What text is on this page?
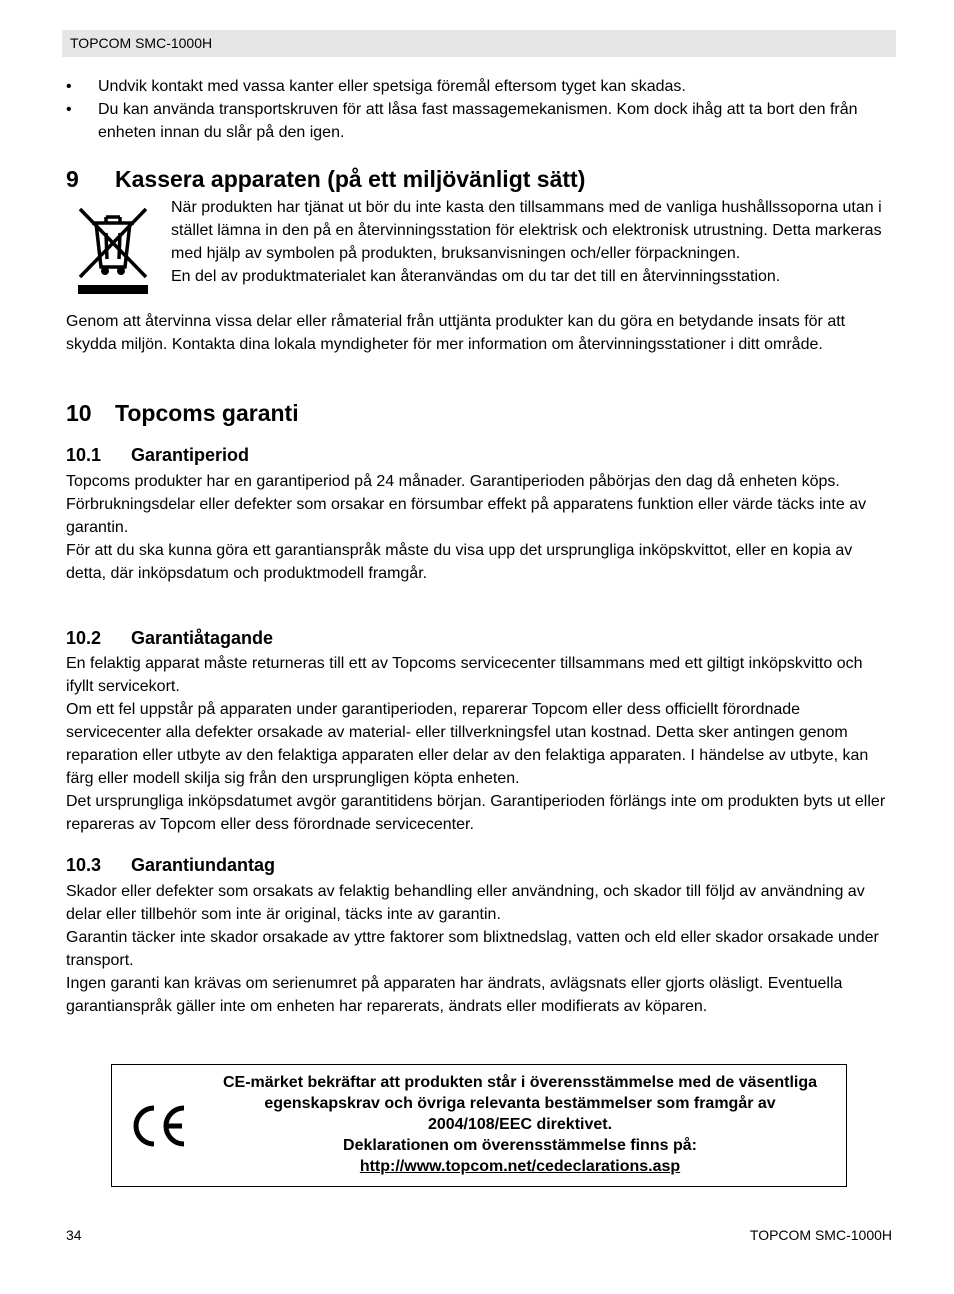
TOPCOM SMC-1000H
• Undvik kontakt med vassa kanter eller spetsiga föremål eftersom tyget kan skadas.
• Du kan använda transportskruven för att låsa fast massagemekanismen. Kom dock ihåg att ta bort den från enheten innan du slår på den igen.
9 Kassera apparaten (på ett miljövänligt sätt)

När produkten har tjänat ut bör du inte kasta den tillsammans med de vanliga hushållssoporna utan i stället lämna in den på en återvinningsstation för elektrisk och elektronisk utrustning. Detta markeras med hjälp av symbolen på produkten, bruksanvisningen och/eller förpackningen.

En del av produktmaterialet kan återanvändas om du tar det till en återvinningsstation.

Genom att återvinna vissa delar eller råmaterial från uttjänta produkter kan du göra en betydande insats för att skydda miljön. Kontakta dina lokala myndigheter för mer information om återvinningsstationer i ditt område.

10 Topcoms garanti
10.1 Garantiperiod

Topcoms produkter har en garantiperiod på 24 månader. Garantiperioden påbörjas den dag då enheten köps.

Förbrukningsdelar eller defekter som orsakar en försumbar effekt på apparatens funktion eller värde täcks inte av garantin.

För att du ska kunna göra ett garantianspråk måste du visa upp det ursprungliga inköpskvittot, eller en kopia av detta, där inköpsdatum och produktmodell framgår.

10.2 Garantiåtagande

En felaktig apparat måste returneras till ett av Topcoms servicecenter tillsammans med ett giltigt inköpskvitto och ifyllt servicekort.

Om ett fel uppstår på apparaten under garantiperioden, reparerar Topcom eller dess officiellt förordnade servicecenter alla defekter orsakade av material- eller tillverkningsfel utan kostnad. Detta sker antingen genom reparation eller utbyte av den felaktiga apparaten eller delar av den felaktiga apparaten. I händelse av utbyte, kan färg eller modell skilja sig från den ursprungligen köpta enheten.

Det ursprungliga inköpsdatumet avgör garantitidens början. Garantiperioden förlängs inte om produkten byts ut eller repareras av Topcom eller dess förordnade servicecenter.

10.3 Garantiundantag

Skador eller defekter som orsakats av felaktig behandling eller användning, och skador till följd av användning av delar eller tillbehör som inte är original, täcks inte av garantin.

Garantin täcker inte skador orsakade av yttre faktorer som blixtnedslag, vatten och eld eller skador orsakade under transport.

Ingen garanti kan krävas om serienumret på apparaten har ändrats, avlägsnats eller gjorts oläsligt. Eventuella garantianspråk gäller inte om enheten har reparerats, ändrats eller modifierats av köparen.

CE-märket bekräftar att produkten står i överensstämmelse med de väsentliga egenskapskrav och övriga relevanta bestämmelser som framgår av 2004/108/EEC direktivet.

Deklarationen om överensstämmelse finns på:

http://www.topcom.net/cedeclarations.asp

34	TOPCOM SMC-1000H
